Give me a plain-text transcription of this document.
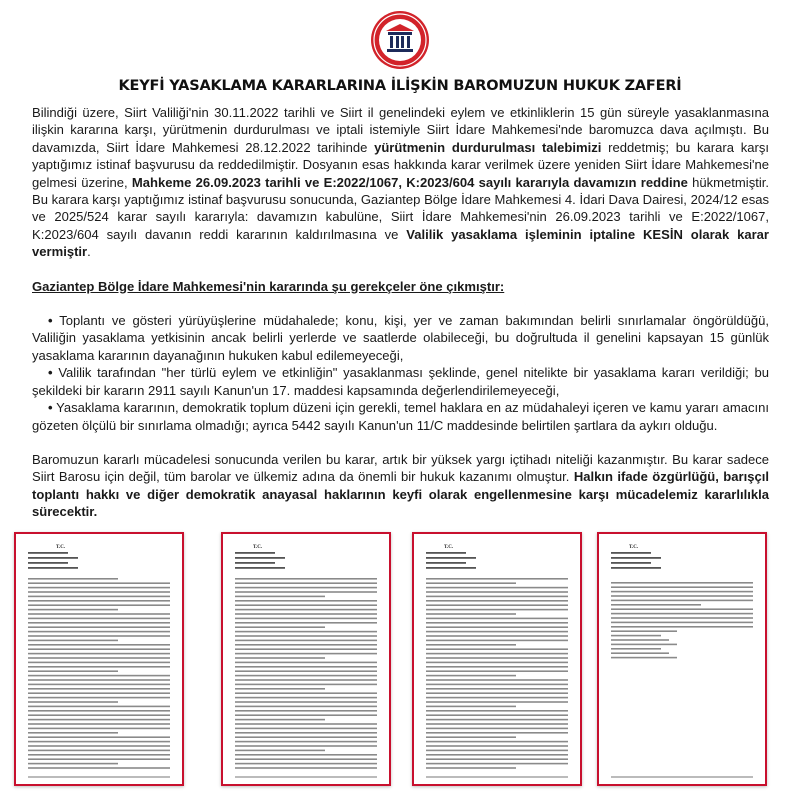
KEYFİ YASAKLAMA KARARLARINA İLİŞKİN BAROMUZUN HUKUK ZAFERİ

Bilindiği üzere, Siirt Valiliği'nin 30.11.2022 tarihli ve Siirt il genelindeki eylem ve etkinliklerin 15 gün süreyle yasaklanmasına ilişkin kararına karşı, yürütmenin durdurulması ve iptali istemiyle Siirt İdare Mahkemesi'nde baromuzca dava açılmıştı. Bu davamızda, Siirt İdare Mahkemesi 28.12.2022 tarihinde yürütmenin durdurulması talebimizi reddetmiş; bu karara karşı yaptığımız istinaf başvurusu da reddedilmiştir. Dosyanın esas hakkında karar verilmek üzere yeniden Siirt İdare Mahkemesi'ne gelmesi üzerine, Mahkeme 26.09.2023 tarihli ve E:2022/1067, K:2023/604 sayılı kararıyla davamızın reddine hükmetmiştir. Bu karara karşı yaptığımız istinaf başvurusu sonucunda, Gaziantep Bölge İdare Mahkemesi 4. İdari Dava Dairesi, 2024/12 esas ve 2025/524 karar sayılı kararıyla: davamızın kabulüne, Siirt İdare Mahkemesi'nin 26.09.2023 tarihli ve E:2022/1067, K:2023/604 sayılı davanın reddi kararının kaldırılmasına ve Valilik yasaklama işleminin iptaline KESİN olarak karar vermiştir.

Gaziantep Bölge İdare Mahkemesi'nin kararında şu gerekçeler öne çıkmıştır:

• Toplantı ve gösteri yürüyüşlerine müdahalede; konu, kişi, yer ve zaman bakımından belirli sınırlamalar öngörüldüğü, Valiliğin yasaklama yetkisinin ancak belirli yerlerde ve saatlerde olabileceği, bu doğrultuda il genelini kapsayan 15 günlük yasaklama kararının dayanağının hukuken kabul edilemeyeceği,

• Valilik tarafından "her türlü eylem ve etkinliğin" yasaklanması şeklinde, genel nitelikte bir yasaklama kararı verildiği; bu şekildeki bir kararın 2911 sayılı Kanun'un 17. maddesi kapsamında değerlendirilemeyeceği,

• Yasaklama kararının, demokratik toplum düzeni için gerekli, temel haklara en az müdahaleyi içeren ve kamu yararı amacını gözeten ölçülü bir sınırlama olmadığı; ayrıca 5442 sayılı Kanun'un 11/C maddesinde belirtilen şartlara da aykırı olduğu.

Baromuzun kararlı mücadelesi sonucunda verilen bu karar, artık bir yüksek yargı içtihadı niteliği kazanmıştır. Bu karar sadece Siirt Barosu için değil, tüm barolar ve ülkemiz adına da önemli bir hukuk kazanımı olmuştur. Halkın ifade özgürlüğü, barışçıl toplantı hakkı ve diğer demokratik anayasal haklarının keyfi olarak engellenmesine karşı mücadelemiz kararlılıkla sürecektir.

T.C.	T.C.	T.C.	T.C.
